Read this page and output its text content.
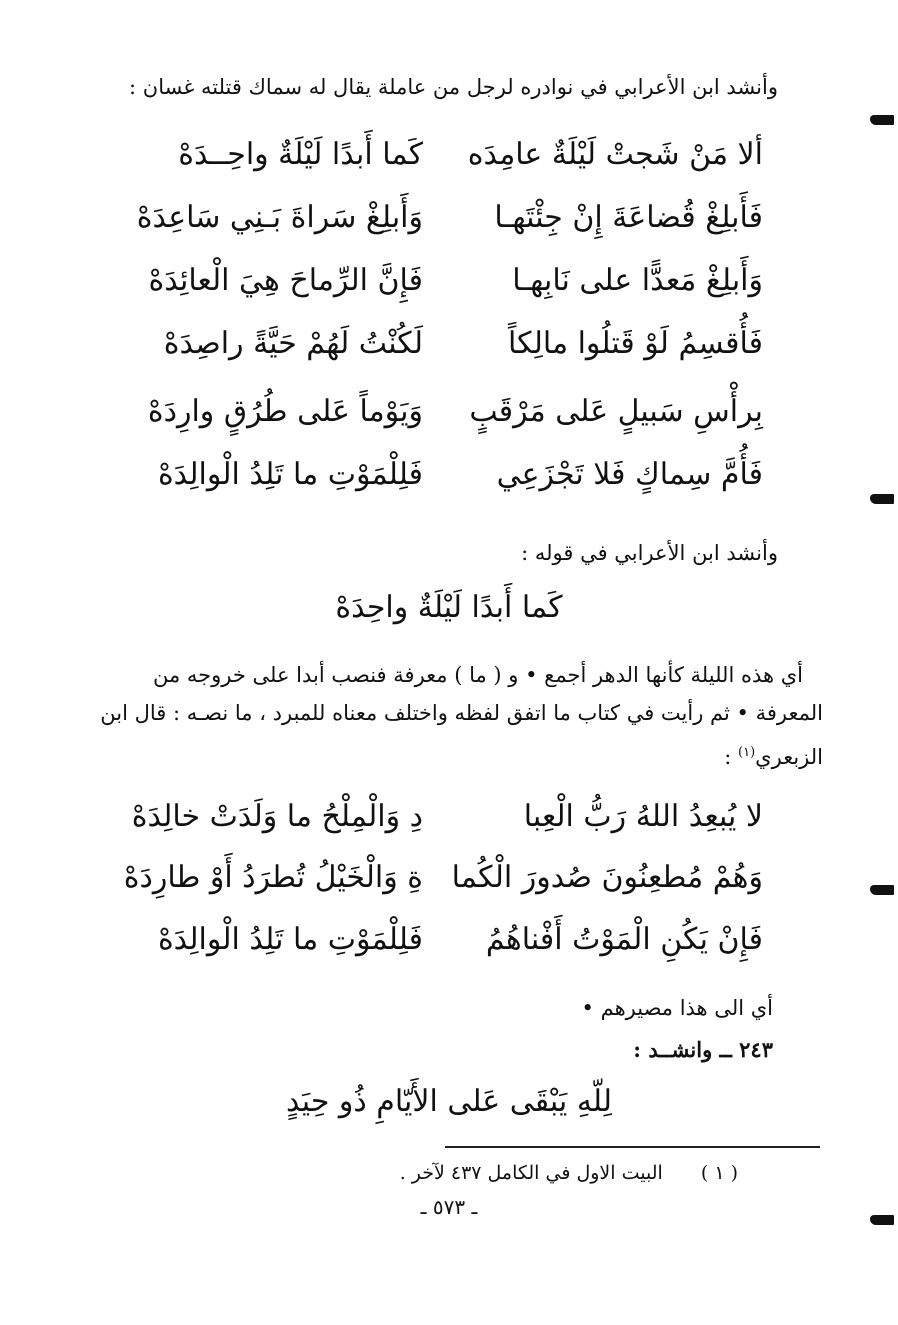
وأنشد ابن الأعرابي في نوادره لرجل من عاملة يقال له سماك قتلته غسان :
ألا مَنْ شَجتْ لَيْلَةٌ عامِدَه
كَما أَبدًا لَيْلَةٌ واحِــدَهْ
فَأَبلِغْ قُضاعَةَ إِنْ جِئْتَهـا
وَأَبلِغْ سَراةَ بَـنِي سَاعِدَهْ
وَأَبلِغْ مَعدًّا على نَابِهـا
فَإِنَّ الرِّماحَ هِيَ الْعائِدَهْ
فَأُقسِمُ لَوْ قَتلُوا مالِكاً
لَكُنْتُ لَهُمْ حَيَّةً راصِدَهْ
بِرأْسِ سَبيلٍ عَلى مَرْقَبٍ
وَيَوْماً عَلى طُرُقٍ وارِدَهْ
فَأُمَّ سِماكٍ فَلا تَجْزَعِي
فَلِلْمَوْتِ ما تَلِدُ الْوالِدَهْ
وأنشد ابن الأعرابي في قوله :
كَما أَبدًا لَيْلَةٌ واحِدَهْ
أي هذه الليلة كأنها الدهر أجمع • و ( ما ) معرفة فنصب أبدا على خروجه من
المعرفة • ثم رأيت في كتاب ما اتفق لفظه واختلف معناه للمبرد ، ما نصـه : قال ابن
الزبعري$^{(١)}$ :
لا يُبعِدُ اللهُ رَبُّ الْعِبا
دِ وَالْمِلْحُ ما وَلَدَتْ خالِدَهْ
وَهُمْ مُطعِنُونَ صُدورَ الْكُما
ةِ وَالْخَيْلُ تُطرَدُ أَوْ طارِدَهْ
فَإِنْ يَكُنِ الْمَوْتُ أَفْناهُمُ
فَلِلْمَوْتِ ما تَلِدُ الْوالِدَهْ
أي الى هذا مصيرهم •
٢٤٣ ــ وانشــد :
لِلّهِ يَبْقَى عَلى الأَيّامِ ذُو حِيَدٍ
( ١ )  البيت الاول في الكامل ٤٣٧ لآخر .
ـ ٥٧٣ ـ
